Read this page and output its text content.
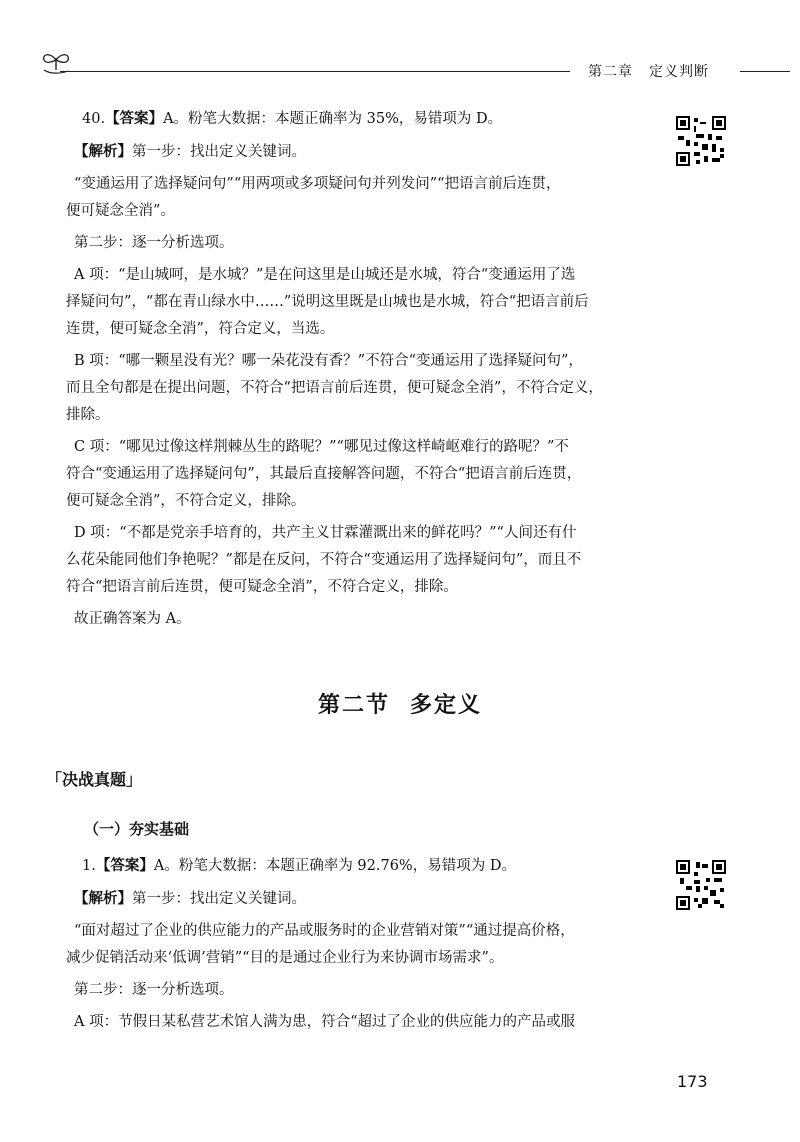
第二章 定义判断
40.【答案】A。粉笔大数据：本题正确率为 35%，易错项为 D。
【解析】第一步：找出定义关键词。
“变通运用了选择疑问句”“用两项或多项疑问句并列发问”“把语言前后连贯，
便可疑念全消”。
第二步：逐一分析选项。
A 项：“是山城呵，是水城？”是在问这里是山城还是水城，符合“变通运用了选
择疑问句”，“都在青山绿水中……”说明这里既是山城也是水城，符合“把语言前后
连贯，便可疑念全消”，符合定义，当选。
B 项：“哪一颗星没有光？哪一朵花没有香？”不符合“变通运用了选择疑问句”，
而且全句都是在提出问题，不符合“把语言前后连贯，便可疑念全消”，不符合定义，
排除。
C 项：“哪见过像这样荆棘丛生的路呢？”“哪见过像这样崎岖难行的路呢？”不
符合“变通运用了选择疑问句”，其最后直接解答问题，不符合“把语言前后连贯，
便可疑念全消”，不符合定义，排除。
D 项：“不都是党亲手培育的，共产主义甘霖灌溉出来的鲜花吗？”“人间还有什
么花朵能同他们争艳呢？”都是在反问，不符合“变通运用了选择疑问句”，而且不
符合“把语言前后连贯，便可疑念全消”，不符合定义，排除。
故正确答案为 A。
第二节 多定义
「决战真题」
（一）夯实基础
1.【答案】A。粉笔大数据：本题正确率为 92.76%，易错项为 D。
【解析】第一步：找出定义关键词。
“面对超过了企业的供应能力的产品或服务时的企业营销对策”“通过提高价格，
减少促销活动来‘低调’营销”“目的是通过企业行为来协调市场需求”。
第二步：逐一分析选项。
A 项：节假日某私营艺术馆人满为患，符合“超过了企业的供应能力的产品或服
173
